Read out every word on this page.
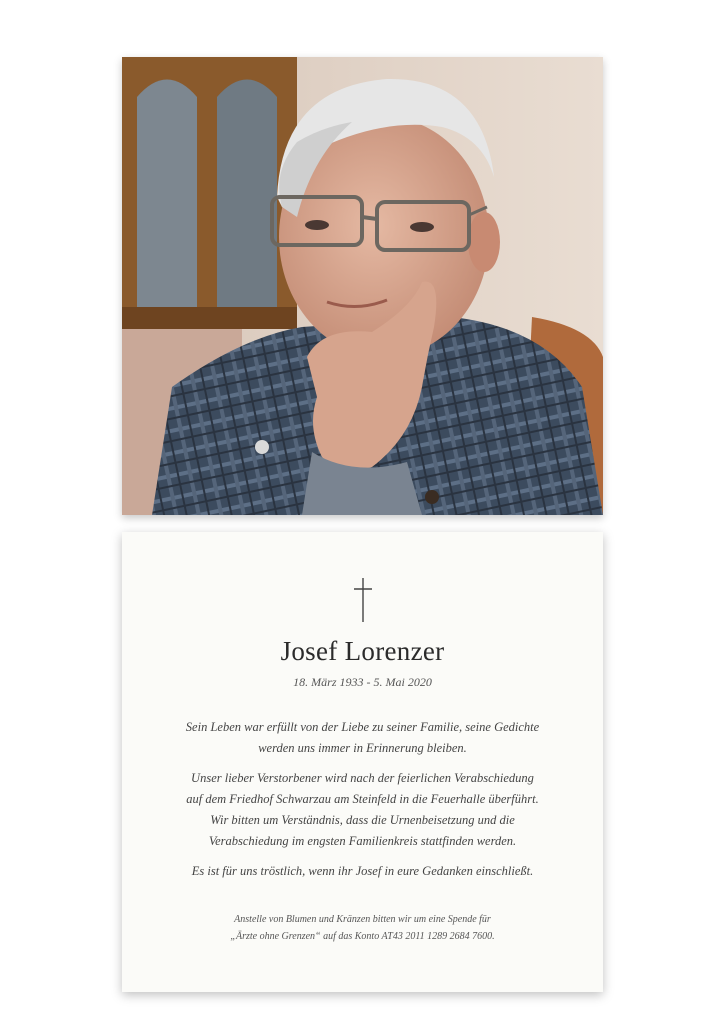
Josef Lorenzer
18. März 1933 - 5. Mai 2020

Sein Leben war erfüllt von der Liebe zu seiner Familie, seine Gedichte
werden uns immer in Erinnerung bleiben.

Unser lieber Verstorbener wird nach der feierlichen Verabschiedung
auf dem Friedhof Schwarzau am Steinfeld in die Feuerhalle überführt.
Wir bitten um Verständnis, dass die Urnenbeisetzung und die
Verabschiedung im engsten Familienkreis stattfinden werden.

Es ist für uns tröstlich, wenn ihr Josef in eure Gedanken einschließt.

Anstelle von Blumen und Kränzen bitten wir um eine Spende für
„Ärzte ohne Grenzen“ auf das Konto AT43 2011 1289 2684 7600.
